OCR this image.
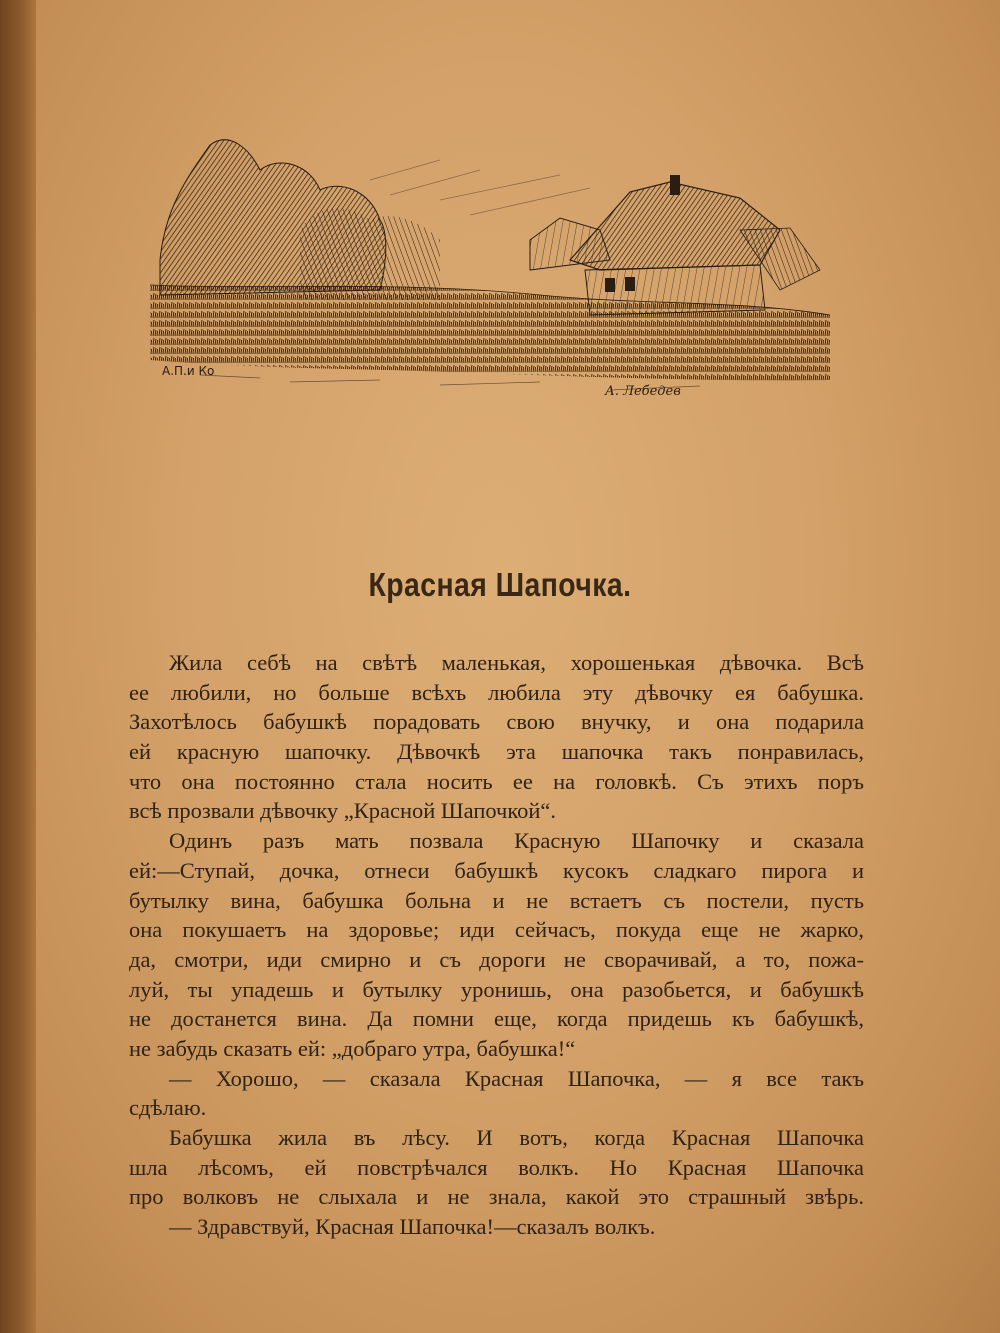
А.П.и Ко
А. Лебедев
Красная Шапочка.
Жила себѣ на свѣтѣ маленькая, хорошенькая дѣвочка. Всѣ
ее любили, но больше всѣхъ любила эту дѣвочку ея бабушка.
Захотѣлось бабушкѣ порадовать свою внучку, и она подарила
ей красную шапочку. Дѣвочкѣ эта шапочка такъ понравилась,
что она постоянно стала носить ее на головкѣ. Съ этихъ поръ
всѣ прозвали дѣвочку „Красной Шапочкой“.
Одинъ разъ мать позвала Красную Шапочку и сказала
ей:—Ступай, дочка, отнеси бабушкѣ кусокъ сладкаго пирога и
бутылку вина, бабушка больна и не встаетъ съ постели, пусть
она покушаетъ на здоровье; иди сейчасъ, покуда еще не жарко,
да, смотри, иди смирно и съ дороги не сворачивай, а то, пожа-
луй, ты упадешь и бутылку уронишь, она разобьется, и бабушкѣ
не достанется вина. Да помни еще, когда придешь къ бабушкѣ,
не забудь сказать ей: „добраго утра, бабушка!“
— Хорошо, — сказала Красная Шапочка, — я все такъ
сдѣлаю.
Бабушка жила въ лѣсу. И вотъ, когда Красная Шапочка
шла лѣсомъ, ей повстрѣчался волкъ. Но Красная Шапочка
про волковъ не слыхала и не знала, какой это страшный звѣрь.
— Здравствуй, Красная Шапочка!—сказалъ волкъ.
